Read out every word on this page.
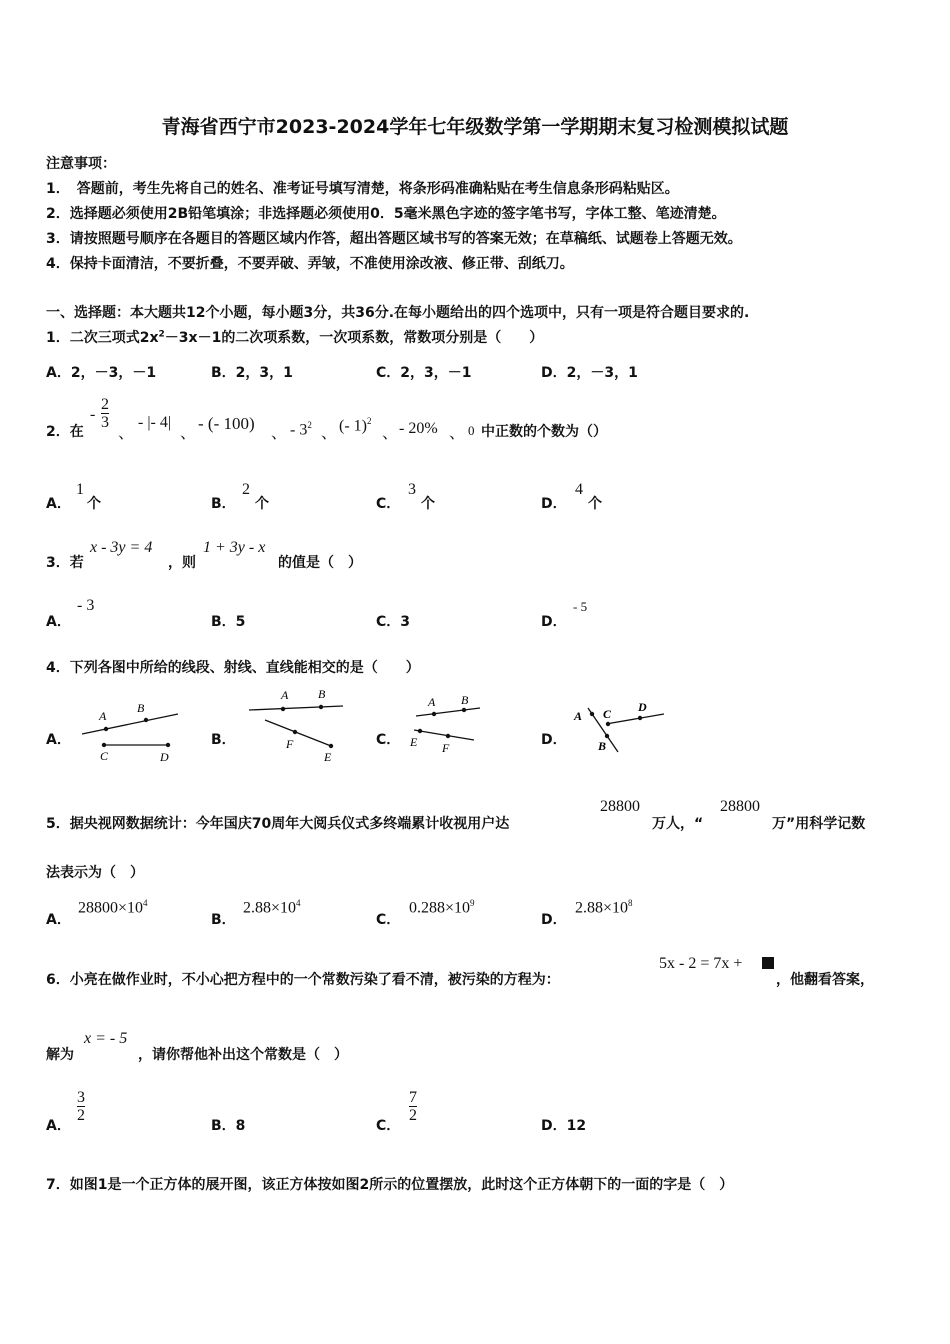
青海省西宁市2023-2024学年七年级数学第一学期期末复习检测模拟试题
注意事项：
1．　答题前，考生先将自己的姓名、准考证号填写清楚，将条形码准确粘贴在考生信息条形码粘贴区。
2．选择题必须使用2B铅笔填涂；非选择题必须使用0．5毫米黑色字迹的签字笔书写，字体工整、笔迹清楚。
3．请按照题号顺序在各题目的答题区域内作答，超出答题区域书写的答案无效；在草稿纸、试题卷上答题无效。
4．保持卡面清洁，不要折叠，不要弄破、弄皱，不准使用涂改液、修正带、刮纸刀。
一、选择题：本大题共12个小题，每小题3分，共36分.在每小题给出的四个选项中，只有一项是符合题目要求的.
1．二次三项式$2x^2-3x-1$的二次项系数，一次项系数，常数项分别是（　　）
A．2，－3，－1	B．2，3，1	C．2，3，－1	D．2，－3，1
2．在
-
2
3
、
- |- 4|
、
- (- 100)
、 - $3^2$ 、 (- 1)$^2$
、 - 20% 、 0 中正数的个数为（）
A．
1
个	B．
2
个	C．
3
个	D．
4
个
3．若
x - 3y = 4
，则
1 + 3y - x
的值是（　）
A．
- 3
B．5	C．3	D．
- 5
4．下列各图中所给的线段、射线、直线能相交的是（　　）
A．
A
B
C	D
B．
A B
F
E
C．
A B
E F	D．
A C D
B
5．据央视网数据统计：今年国庆70周年大阅兵仪式多终端累计收视用户达
28800
万人，“
28800
万”用科学记数
法表示为（　）
A．
$28800\times 10^4$
B．
$2.88\times 10^4$
C．
$0.288\times 10^9$
D．
$2.88\times 10^8$
6．小亮在做作业时，不小心把方程中的一个常数污染了看不清，被污染的方程为：
5x - 2 = 7x +
，他翻看答案，
解为
x = - 5
，请你帮他补出这个常数是（　）
A．
3
2
B．8	C．
7
2
D．12
7．如图1是一个正方体的展开图，该正方体按如图2所示的位置摆放，此时这个正方体朝下的一面的字是（　）
